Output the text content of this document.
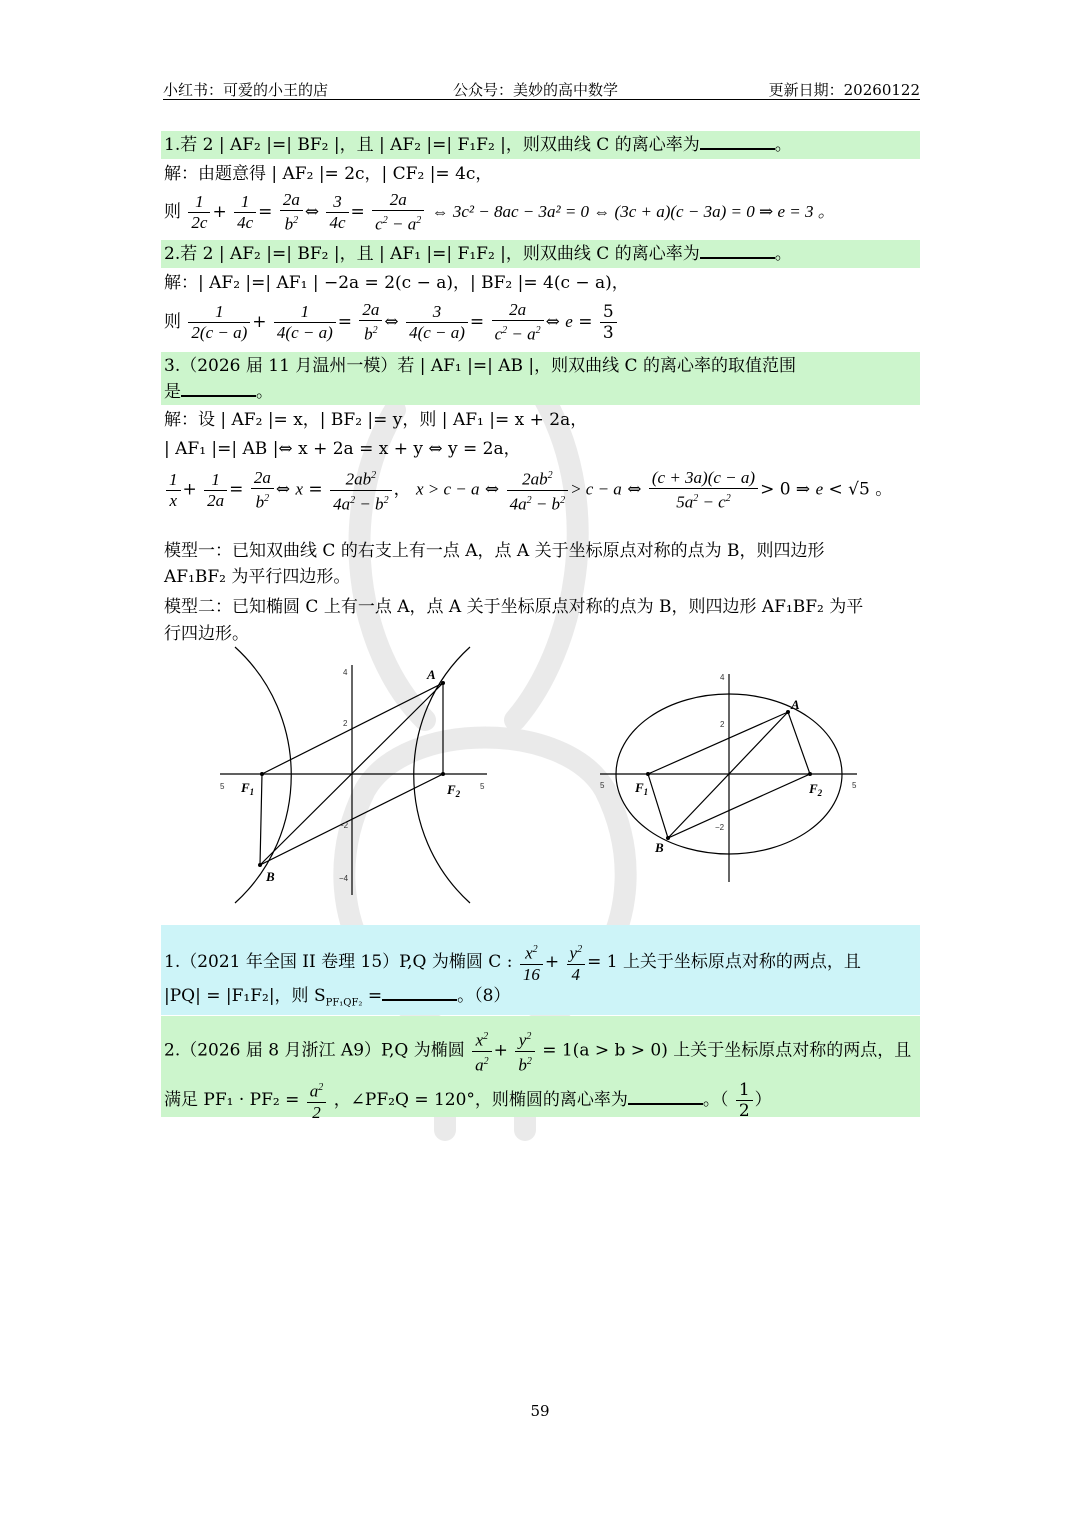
小红书：可爱的小王的店	公众号：美妙的高中数学	更新日期：20260122
1.若 2 | AF₂ |=| BF₂ |，且 | AF₂ |=| F₁F₂ |，则双曲线 C 的离心率为	。
解：由题意得 | AF₂ |= 2c，| CF₂ |= 4c，
则 $\frac{1}{2c} + \frac{1}{4c} = \frac{2a}{b^2}$ ⇔ $\frac{3}{4c} = \frac{2a}{c^2 - a^2}$ ⇔ 3c² − 8ac − 3a² = 0 ⇔ (3c + a)(c − 3a) = 0 ⇒ e = 3 。
2.若 2 | AF₂ |=| BF₂ |，且 | AF₁ |=| F₁F₂ |，则双曲线 C 的离心率为	。
解：| AF₂ |=| AF₁ | −2a = 2(c − a)，| BF₂ |= 4(c − a)，
则 $\frac{1}{2(c - a)} + \frac{1}{4(c - a)} = \frac{2a}{b^2}$ ⇔ $\frac{3}{4(c - a)} = \frac{2a}{c^2 - a^2}$ ⇔ $e = \frac{5}{3}$
3.（2026 届 11 月温州一模）若 | AF₁ |=| AB |，则双曲线 C 的离心率的取值范围
是	。
解：设 | AF₂ |= x，| BF₂ |= y，则 | AF₁ |= x + 2a，
| AF₁ |=| AB |⇔ x + 2a = x + y ⇔ y = 2a，
$\frac{1}{x} + \frac{1}{2a} = \frac{2a}{b^2}$ ⇔ $x = \frac{2ab^2}{4a^2 - b^2}$ ， x > c − a ⇔ $\frac{2ab^2}{4a^2 - b^2} > c - a$ ⇔ $\frac{(c + 3a)(c - a)}{5a^2 - c^2} > 0$ ⇒ e < √5 。
模型一：已知双曲线 C 的右支上有一点 A，点 A 关于坐标原点对称的点为 B，则四边形
AF₁BF₂ 为平行四边形。
模型二：已知椭圆 C 上有一点 A，点 A 关于坐标原点对称的点为 B，则四边形 AF₁BF₂ 为平
行四边形。
5	5
4
2
−2
−4
A
B
$F_1$	$F_2$
5	5
2
−2
4
A
B
$F_1$	$F_2$
1.（2021 年全国 II 卷理 15）P,Q 为椭圆 C : $\frac{x^2}{16} + \frac{y^2}{4} = 1$ 上关于坐标原点对称的两点，且
|PQ| = |F₁F₂|，则 $S_{PF_1QF_2}$ =	。（8）
2.（2026 届 8 月浙江 A9）P,Q 为椭圆 $\frac{x^2}{a^2} + \frac{y^2}{b^2} = 1(a > b > 0)$ 上关于坐标原点对称的两点，且
满足 $PF_1 \cdot PF_2 = \frac{a^2}{2}$ ，∠PF₂Q = 120°，则椭圆的离心率为	。（ $\frac{1}{2}$ ）
59
